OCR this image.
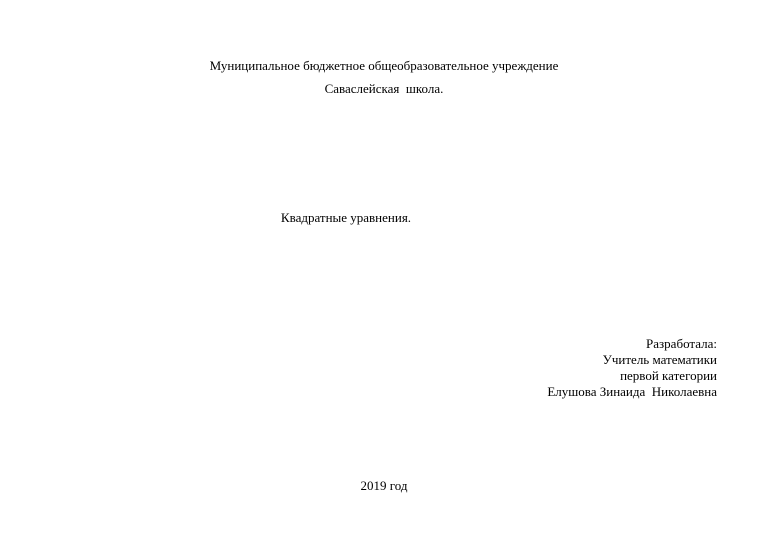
Муниципальное бюджетное общеобразовательное учреждение
Саваслейская  школа.
Квадратные уравнения.
Разработала:
Учитель математики
первой категории
Елушова Зинаида  Николаевна
2019 год
